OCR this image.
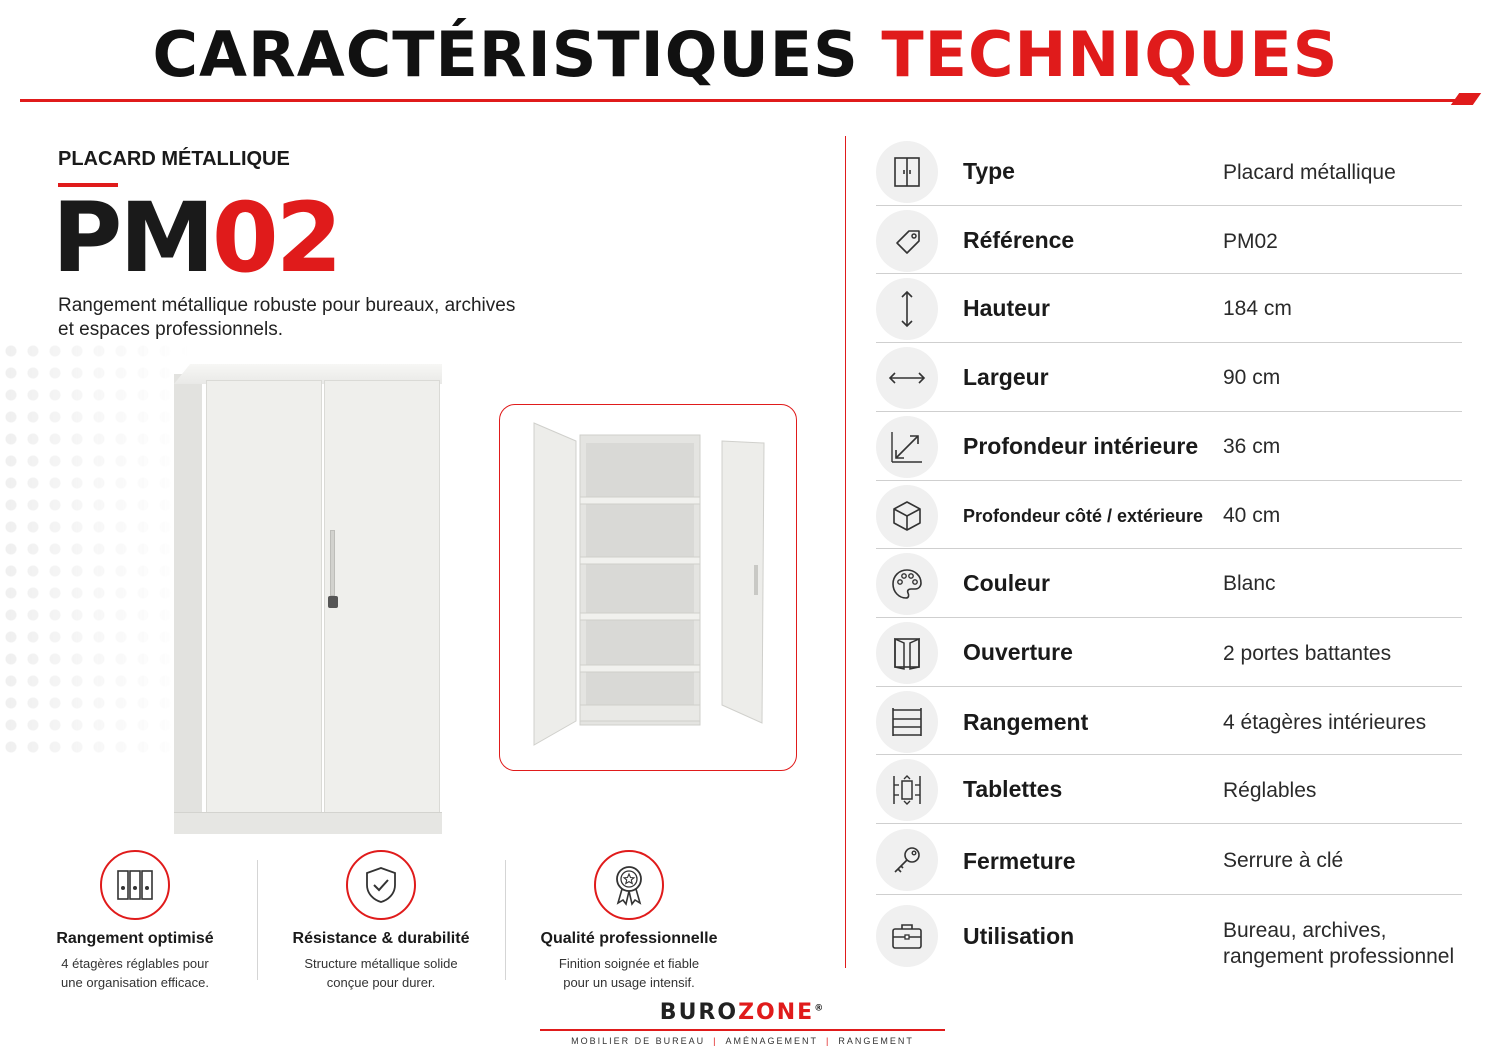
CARACTÉRISTIQUES TECHNIQUES
PLACARD MÉTALLIQUE
PM02
Rangement métallique robuste pour bureaux, archives et espaces professionnels.
Type	Placard métallique
Référence	PM02
Hauteur	184 cm
Largeur	90 cm
Profondeur intérieure 36 cm
Profondeur côté / extérieure 40 cm
Couleur	Blanc
Ouverture	2 portes battantes
Rangement	4 étagères intérieures
Tablettes	Réglables
Fermeture	Serrure à clé
Utilisation	Bureau, archives,
rangement professionnel
Rangement optimisé
4 étagères réglables pour
une organisation efficace.
Résistance & durabilité
Structure métallique solide
conçue pour durer.
Qualité professionnelle
Finition soignée et fiable
pour un usage intensif.
BUROZONE®
MOBILIER DE BUREAU | AMÉNAGEMENT | RANGEMENT
